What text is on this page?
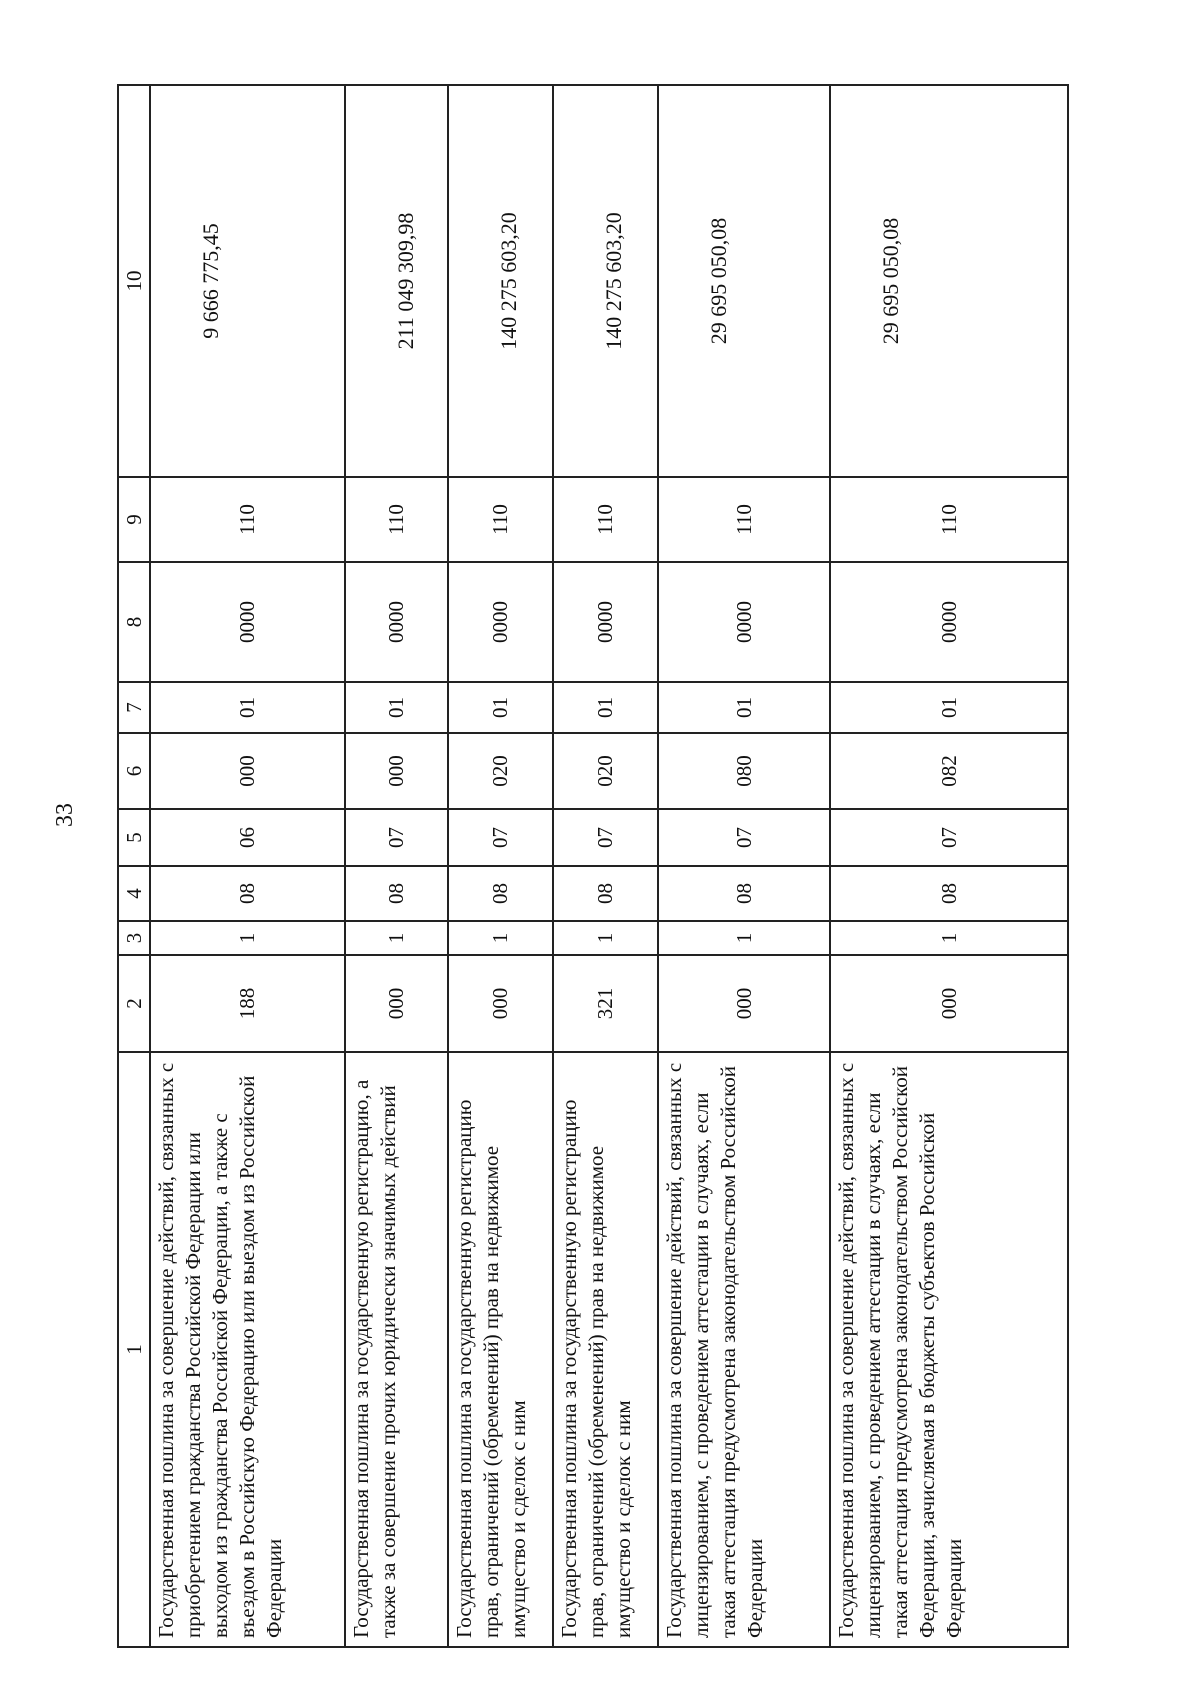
33
1	2	3	4	5	6	7	8	9	10
Государственная пошлина за совершение действий, связанных с приобретением гражданства Российской Федерации или выходом из гражданства Российской Федерации, а также с въездом в Российскую Федерацию или выездом из Российской Федерации	188	1	08	06	000	01	0000	110	9 666 775,45
Государственная пошлина за государственную регистрацию, а также за совершение прочих юридически значимых действий	000	1	08	07	000	01	0000	110	211 049 309,98
Государственная пошлина за государственную регистрацию прав, ограничений (обременений) прав на недвижимое имущество и сделок с ним	000	1	08	07	020	01	0000	110	140 275 603,20
Государственная пошлина за государственную регистрацию прав, ограничений (обременений) прав на недвижимое имущество и сделок с ним	321	1	08	07	020	01	0000	110	140 275 603,20
Государственная пошлина за совершение действий, связанных с лицензированием, с проведением аттестации в случаях, если такая аттестация предусмотрена законодательством Российской Федерации	000	1	08	07	080	01	0000	110	29 695 050,08
Государственная пошлина за совершение действий, связанных с лицензированием, с проведением аттестации в случаях, если такая аттестация предусмотрена законодательством Российской Федерации, зачисляемая в бюджеты субъектов Российской Федерации	000	1	08	07	082	01	0000	110	29 695 050,08
